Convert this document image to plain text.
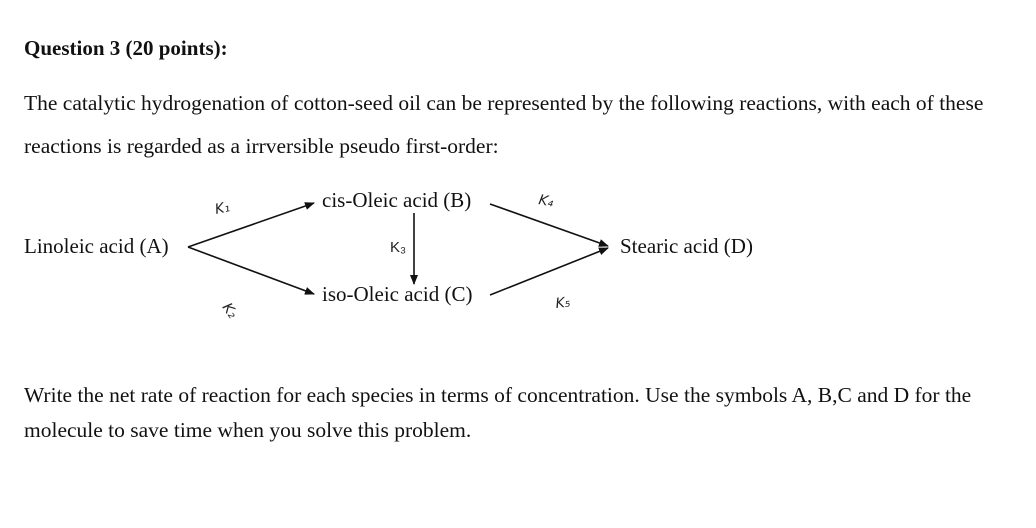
Question 3 (20 points):
The catalytic hydrogenation of cotton-seed oil can be represented by the following reactions, with each of these reactions is regarded as a irrversible pseudo first-order:
Linoleic acid (A)
cis-Oleic acid (B)
iso-Oleic acid (C)
Stearic acid (D)
K₁
K₂
K₃
K₄
K₅
Write the net rate of reaction for each species in terms of concentration. Use the symbols A, B,C and D for the molecule to save time when you solve this problem.
